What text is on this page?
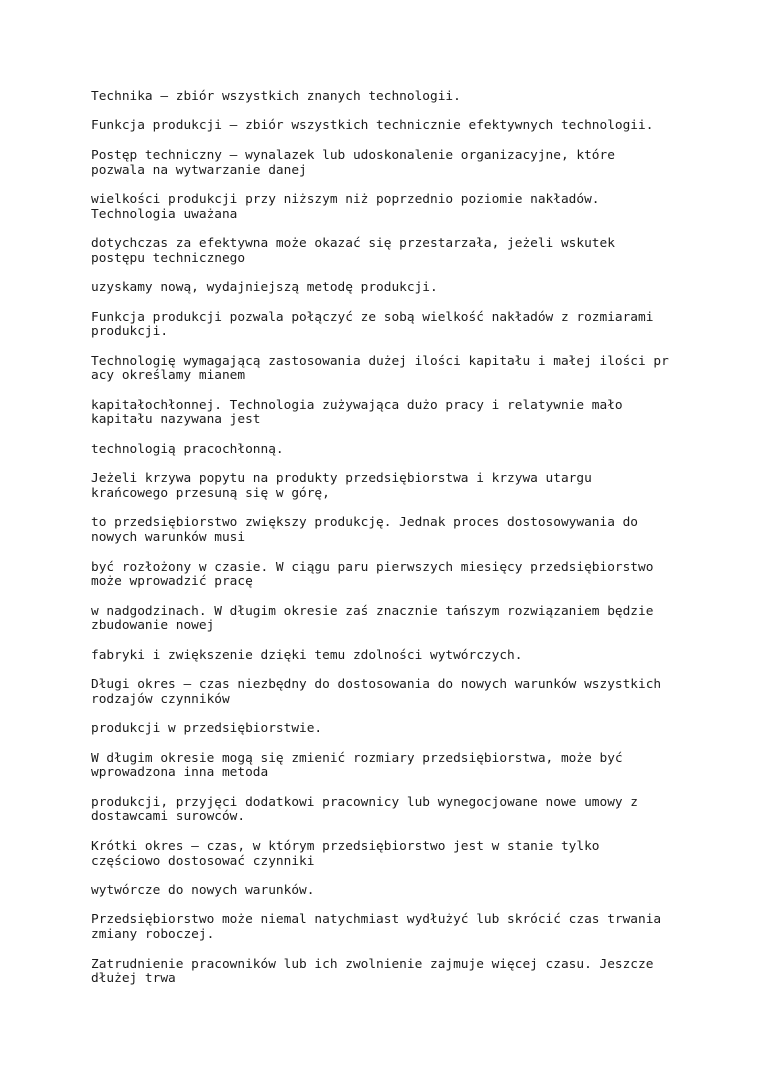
Technika – zbiór wszystkich znanych technologii.

Funkcja produkcji – zbiór wszystkich technicznie efektywnych technologii.

Postęp techniczny – wynalazek lub udoskonalenie organizacyjne, które
pozwala na wytwarzanie danej

wielkości produkcji przy niższym niż poprzednio poziomie nakładów.
Technologia uważana

dotychczas za efektywna może okazać się przestarzała, jeżeli wskutek
postępu technicznego

uzyskamy nową, wydajniejszą metodę produkcji.

Funkcja produkcji pozwala połączyć ze sobą wielkość nakładów z rozmiarami
produkcji.

Technologię wymagającą zastosowania dużej ilości kapitału i małej ilości pr
acy określamy mianem

kapitałochłonnej. Technologia zużywająca dużo pracy i relatywnie mało
kapitału nazywana jest

technologią pracochłonną.

Jeżeli krzywa popytu na produkty przedsiębiorstwa i krzywa utargu
krańcowego przesuną się w górę,

to przedsiębiorstwo zwiększy produkcję. Jednak proces dostosowywania do
nowych warunków musi

być rozłożony w czasie. W ciągu paru pierwszych miesięcy przedsiębiorstwo
może wprowadzić pracę

w nadgodzinach. W długim okresie zaś znacznie tańszym rozwiązaniem będzie
zbudowanie nowej

fabryki i zwiększenie dzięki temu zdolności wytwórczych.

Długi okres – czas niezbędny do dostosowania do nowych warunków wszystkich
rodzajów czynników

produkcji w przedsiębiorstwie.

W długim okresie mogą się zmienić rozmiary przedsiębiorstwa, może być
wprowadzona inna metoda

produkcji, przyjęci dodatkowi pracownicy lub wynegocjowane nowe umowy z
dostawcami surowców.

Krótki okres – czas, w którym przedsiębiorstwo jest w stanie tylko
częściowo dostosować czynniki

wytwórcze do nowych warunków.

Przedsiębiorstwo może niemal natychmiast wydłużyć lub skrócić czas trwania
zmiany roboczej.

Zatrudnienie pracowników lub ich zwolnienie zajmuje więcej czasu. Jeszcze
dłużej trwa
